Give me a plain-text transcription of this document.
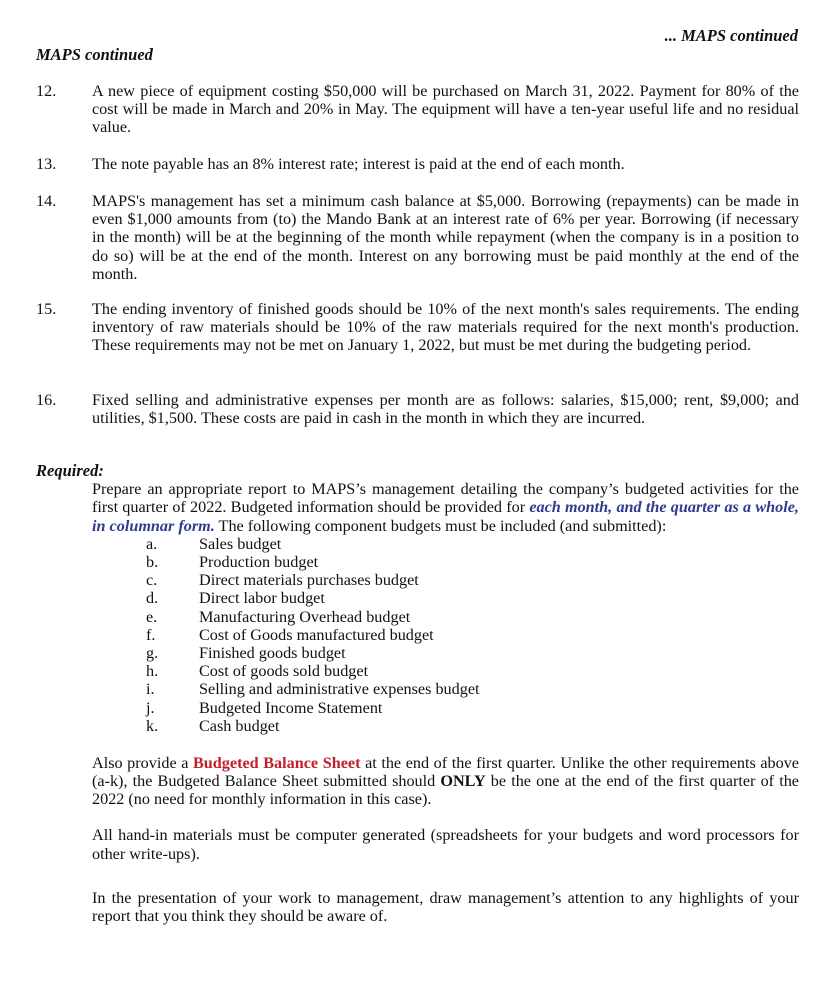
... MAPS continued
MAPS continued
12. A new piece of equipment costing $50,000 will be purchased on March 31, 2022. Payment for 80% of the cost will be made in March and 20% in May. The equipment will have a ten-year useful life and no residual value.
13. The note payable has an 8% interest rate; interest is paid at the end of each month.
14. MAPS's management has set a minimum cash balance at $5,000. Borrowing (repayments) can be made in even $1,000 amounts from (to) the Mando Bank at an interest rate of 6% per year. Borrowing (if necessary in the month) will be at the beginning of the month while repayment (when the company is in a position to do so) will be at the end of the month. Interest on any borrowing must be paid monthly at the end of the month.
15. The ending inventory of finished goods should be 10% of the next month's sales requirements. The ending inventory of raw materials should be 10% of the raw materials required for the next month's production. These requirements may not be met on January 1, 2022, but must be met during the budgeting period.
16. Fixed selling and administrative expenses per month are as follows: salaries, $15,000; rent, $9,000; and utilities, $1,500. These costs are paid in cash in the month in which they are incurred.
Required:
Prepare an appropriate report to MAPS’s management detailing the company’s budgeted activities for the first quarter of 2022. Budgeted information should be provided for each month, and the quarter as a whole, in columnar form. The following component budgets must be included (and submitted):
a.	Sales budget
b.	Production budget
c.	Direct materials purchases budget
d.	Direct labor budget
e.	Manufacturing Overhead budget
f.	Cost of Goods manufactured budget
g.	Finished goods budget
h.	Cost of goods sold budget
i.	Selling and administrative expenses budget
j.	Budgeted Income Statement
k.	Cash budget
Also provide a Budgeted Balance Sheet at the end of the first quarter. Unlike the other requirements above (a-k), the Budgeted Balance Sheet submitted should ONLY be the one at the end of the first quarter of the 2022 (no need for monthly information in this case).
All hand-in materials must be computer generated (spreadsheets for your budgets and word processors for other write-ups).
In the presentation of your work to management, draw management’s attention to any highlights of your report that you think they should be aware of.
